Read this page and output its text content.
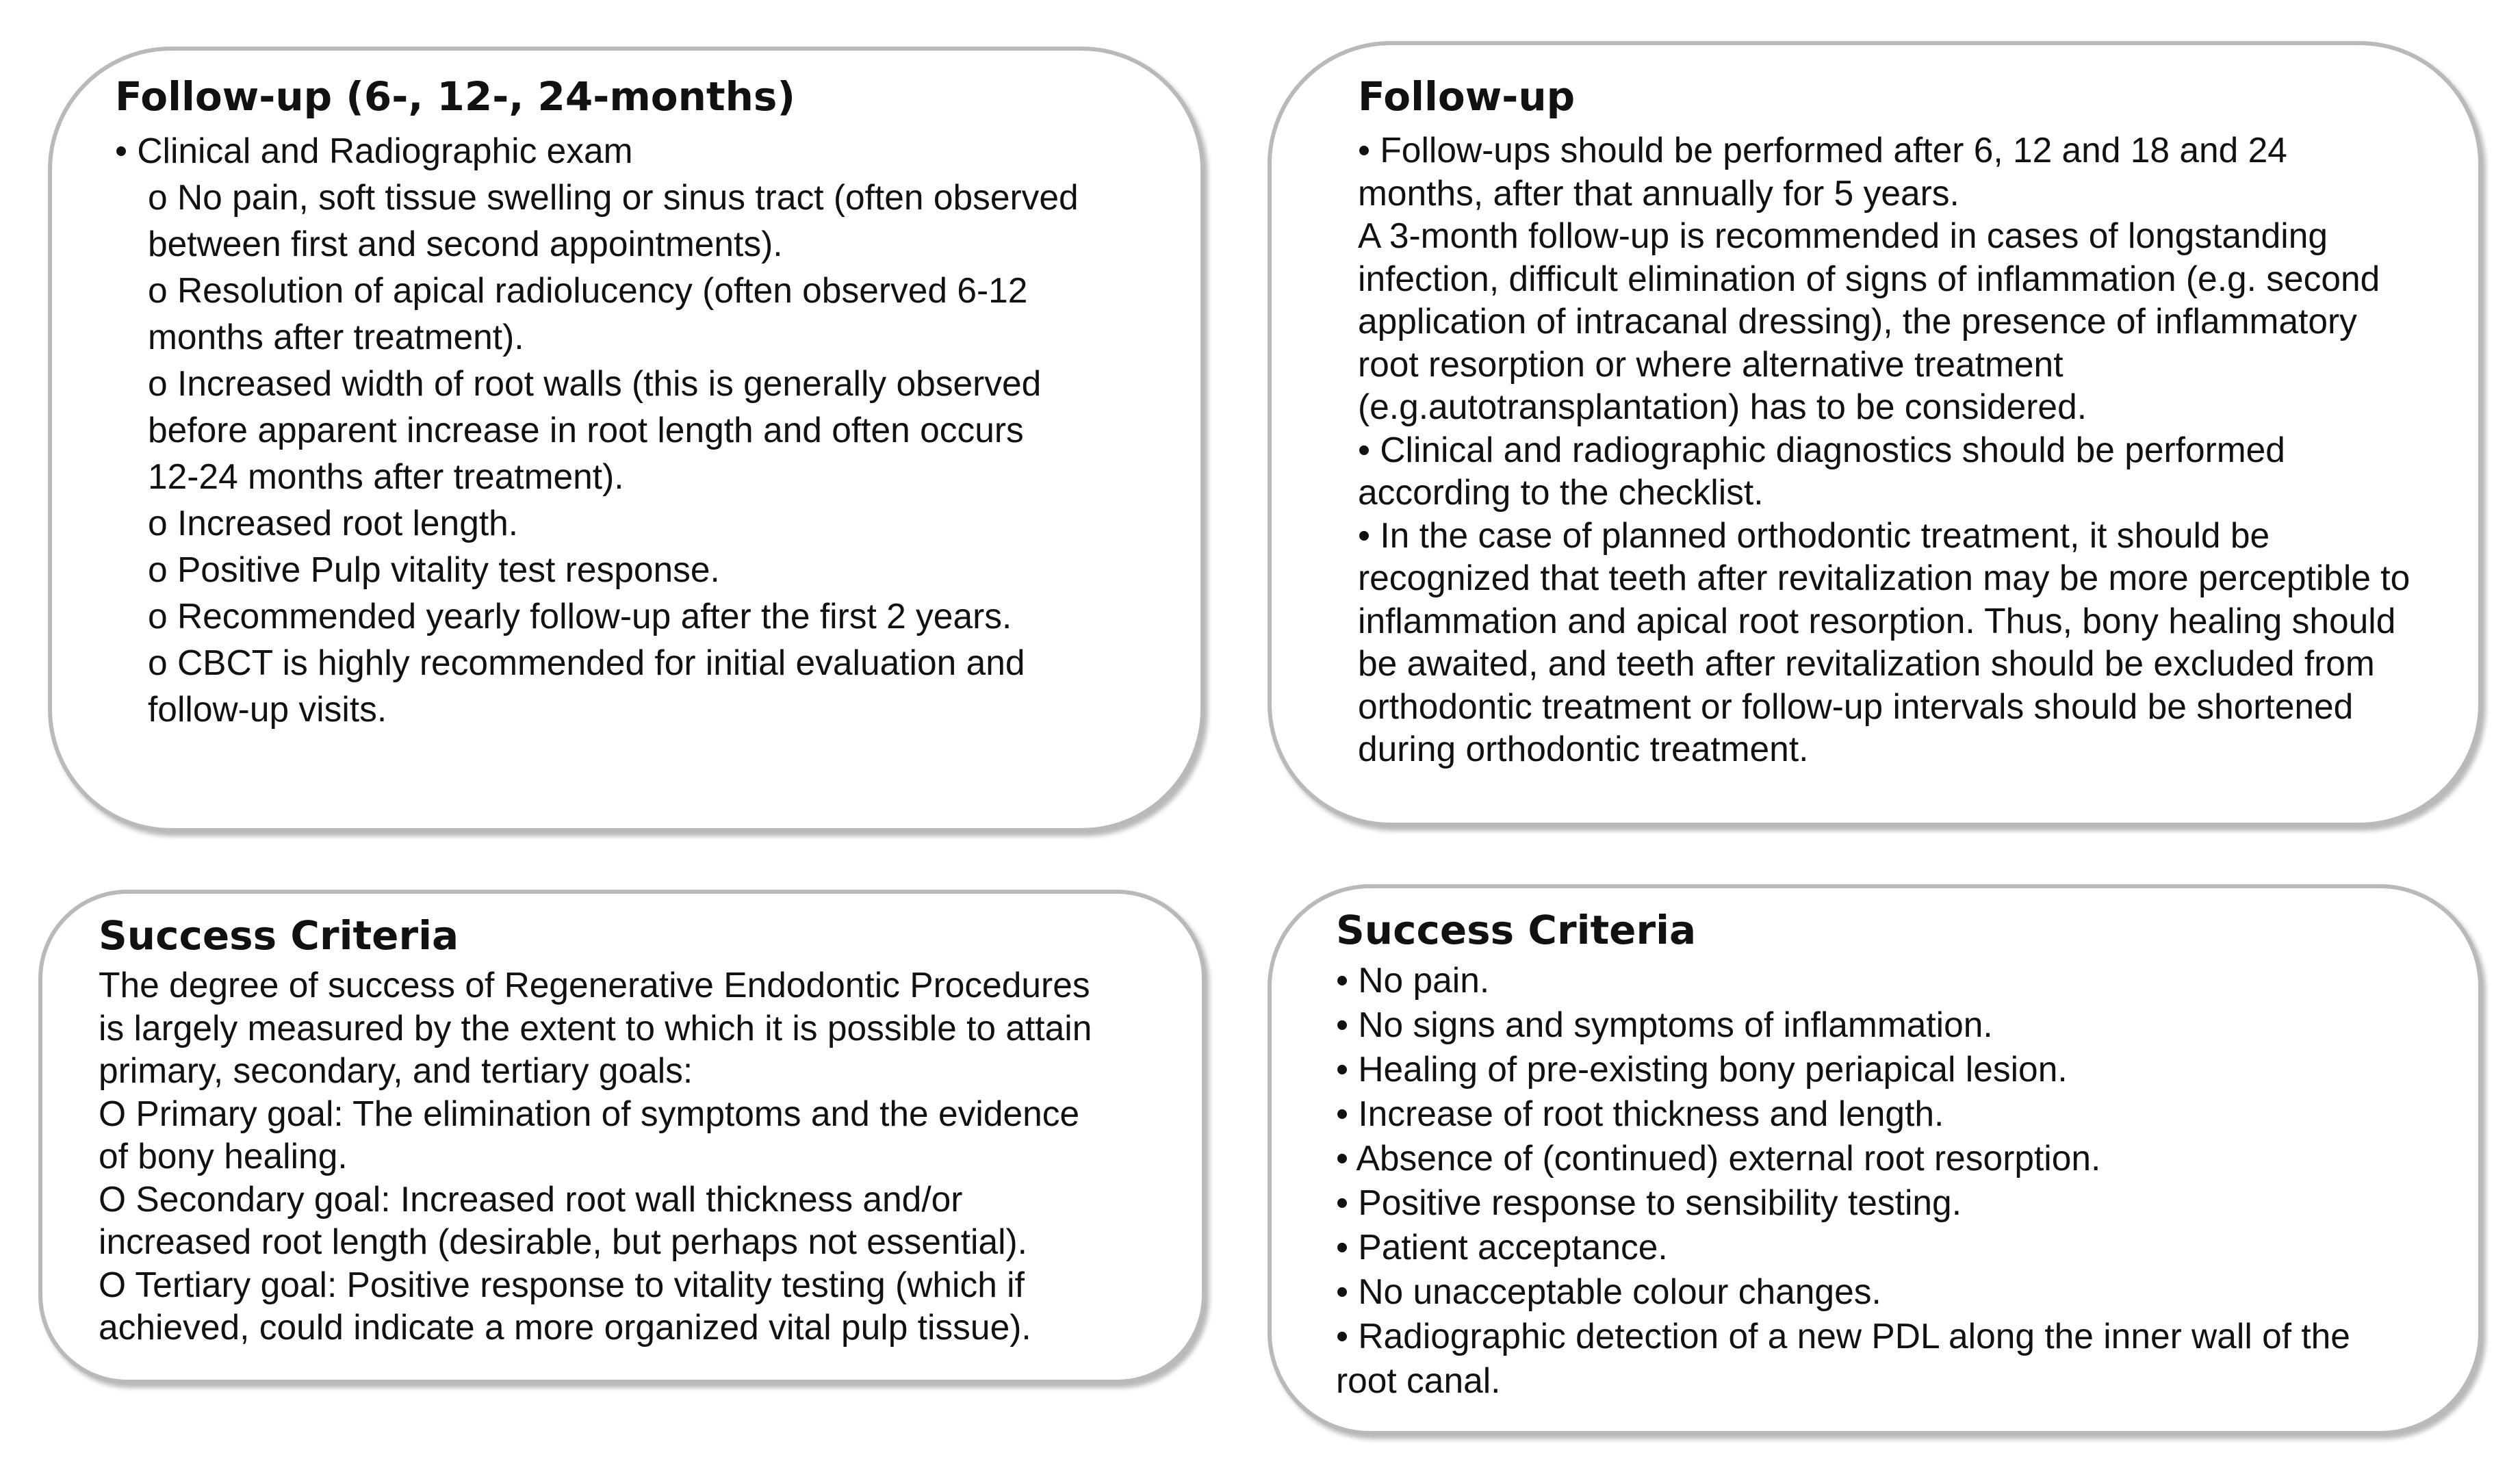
Follow-up (6-, 12-, 24-months)
• Clinical and Radiographic exam
o No pain, soft tissue swelling or sinus tract (often observed
between first and second appointments).
o Resolution of apical radiolucency (often observed 6-12
months after treatment).
o Increased width of root walls (this is generally observed
before apparent increase in root length and often occurs
12-24 months after treatment).
o Increased root length.
o Positive Pulp vitality test response.
o Recommended yearly follow-up after the first 2 years.
o CBCT is highly recommended for initial evaluation and
follow-up visits.
Follow-up
• Follow-ups should be performed after 6, 12 and 18 and 24
months, after that annually for 5 years.
A 3-month follow-up is recommended in cases of longstanding
infection, difficult elimination of signs of inflammation (e.g. second
application of intracanal dressing), the presence of inflammatory
root resorption or where alternative treatment
(e.g.autotransplantation) has to be considered.
• Clinical and radiographic diagnostics should be performed
according to the checklist.
• In the case of planned orthodontic treatment, it should be
recognized that teeth after revitalization may be more perceptible to
inflammation and apical root resorption. Thus, bony healing should
be awaited, and teeth after revitalization should be excluded from
orthodontic treatment or follow-up intervals should be shortened
during orthodontic treatment.
Success Criteria
The degree of success of Regenerative Endodontic Procedures
is largely measured by the extent to which it is possible to attain
primary, secondary, and tertiary goals:
O Primary goal: The elimination of symptoms and the evidence
of bony healing.
O Secondary goal: Increased root wall thickness and/or
increased root length (desirable, but perhaps not essential).
O Tertiary goal: Positive response to vitality testing (which if
achieved, could indicate a more organized vital pulp tissue).
Success Criteria
• No pain.
• No signs and symptoms of inflammation.
• Healing of pre-existing bony periapical lesion.
• Increase of root thickness and length.
• Absence of (continued) external root resorption.
• Positive response to sensibility testing.
• Patient acceptance.
• No unacceptable colour changes.
• Radiographic detection of a new PDL along the inner wall of the
root canal.
